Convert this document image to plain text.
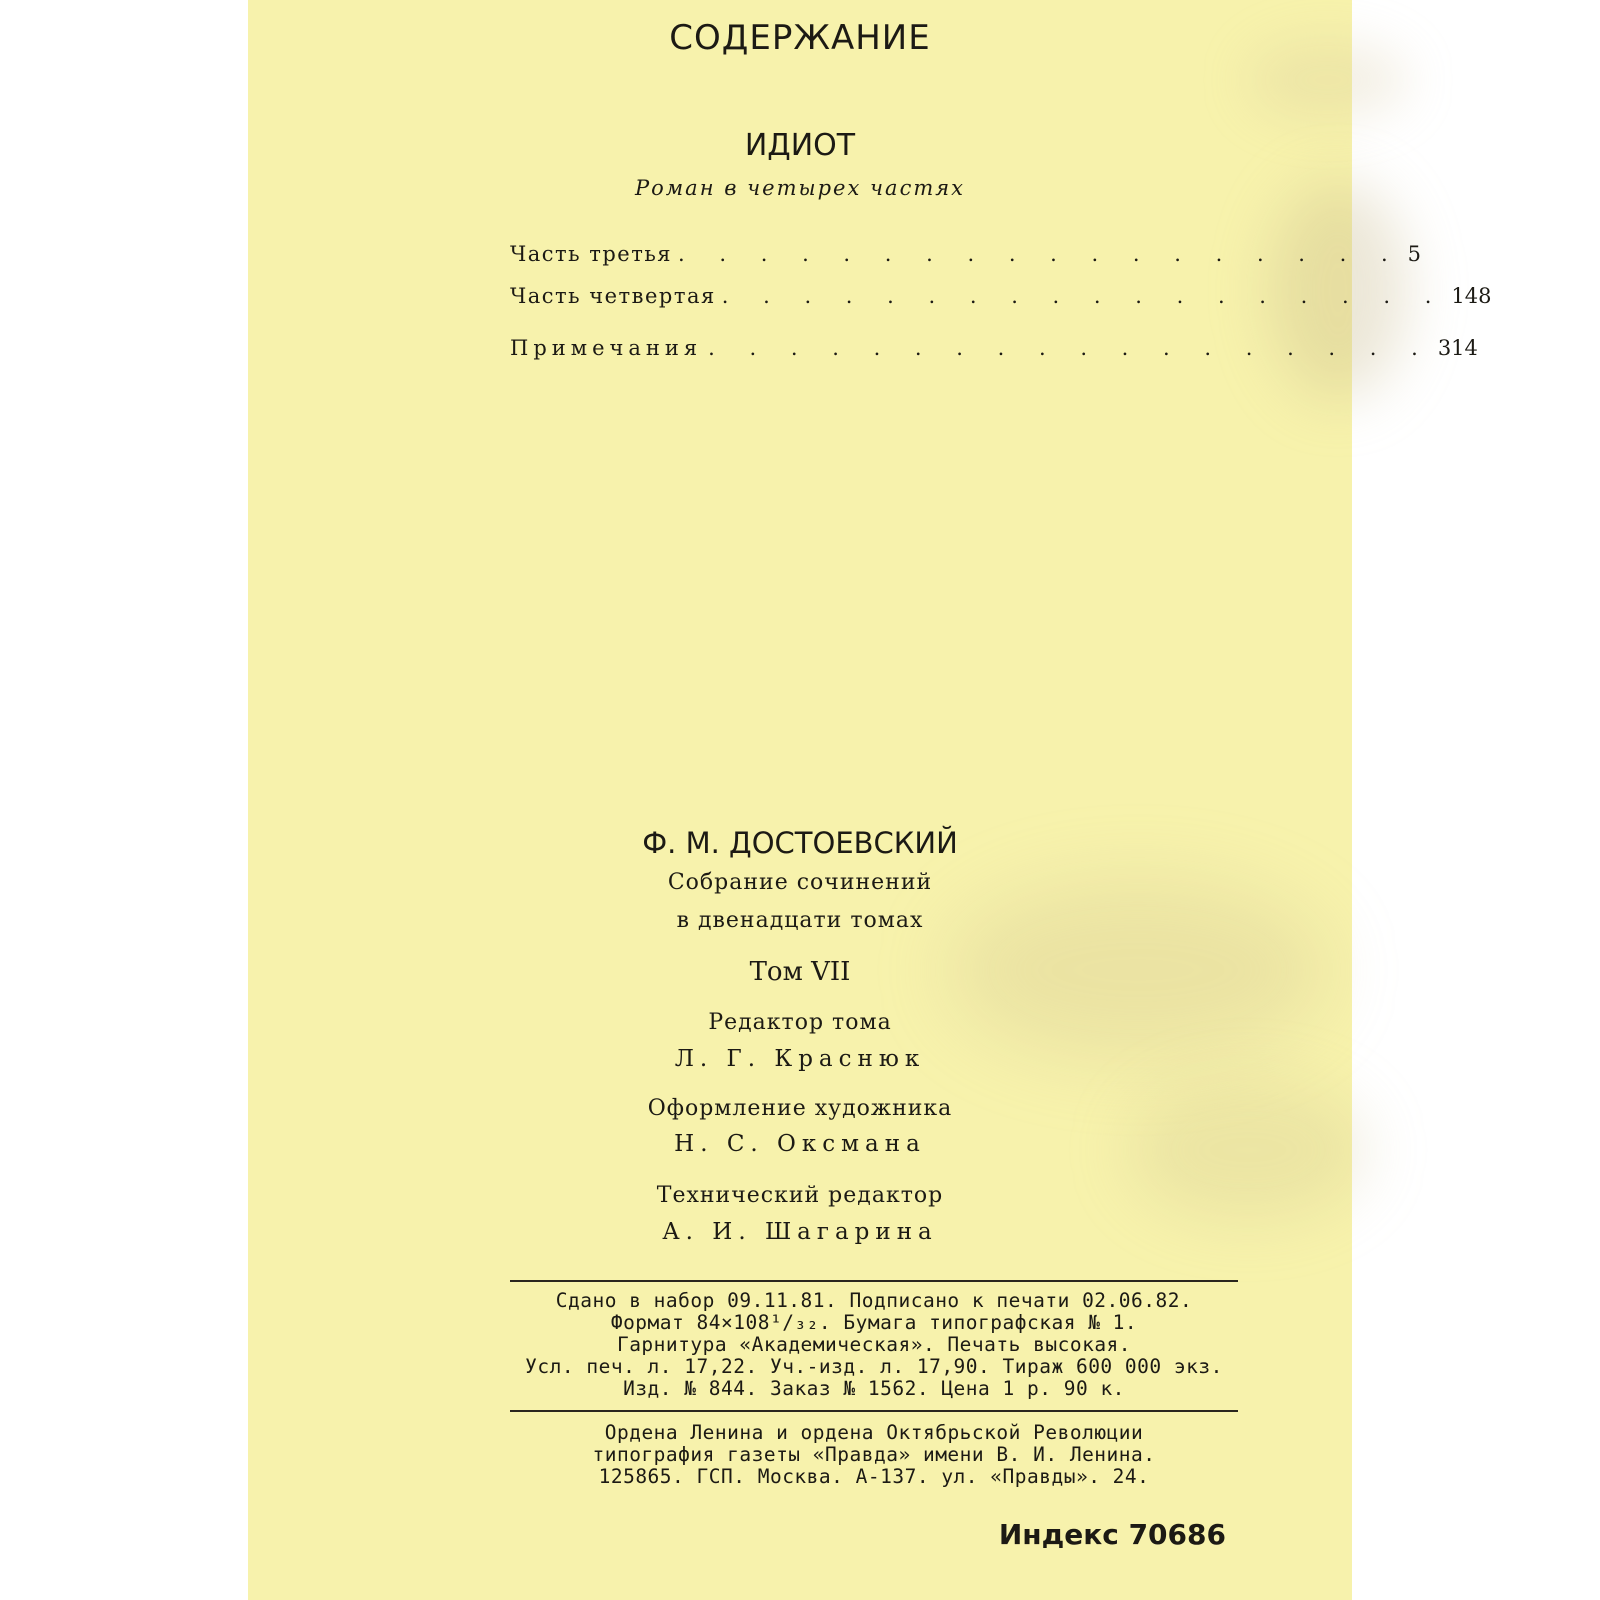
СОДЕРЖАНИЕ
ИДИОТ
Роман в четырех частях
Часть третья . . . . . . . . . . . . . . . . . . 5
Часть четвертая . . . . . . . . . . . . . . . . . . 148
Примечания . . . . . . . . . . . . . . . . . . 314
Ф. М. ДОСТОЕВСКИЙ
Собрание сочинений
в двенадцати томах
Том VII
Редактор тома
Л. Г. Краснюк
Оформление художника
Н. С. Оксмана
Технический редактор
А. И. Шагарина
Сдано в набор 09.11.81. Подписано к печати 02.06.82.
Формат 84×108¹/₃₂. Бумага типографская № 1.
Гарнитура «Академическая». Печать высокая.
Усл. печ. л. 17,22. Уч.-изд. л. 17,90. Тираж 600 000 экз.
Изд. № 844. Заказ № 1562. Цена 1 р. 90 к.
Ордена Ленина и ордена Октябрьской Революции
типография газеты «Правда» имени В. И. Ленина.
125865. ГСП. Москва. А-137. ул. «Правды». 24.
Индекс 70686
